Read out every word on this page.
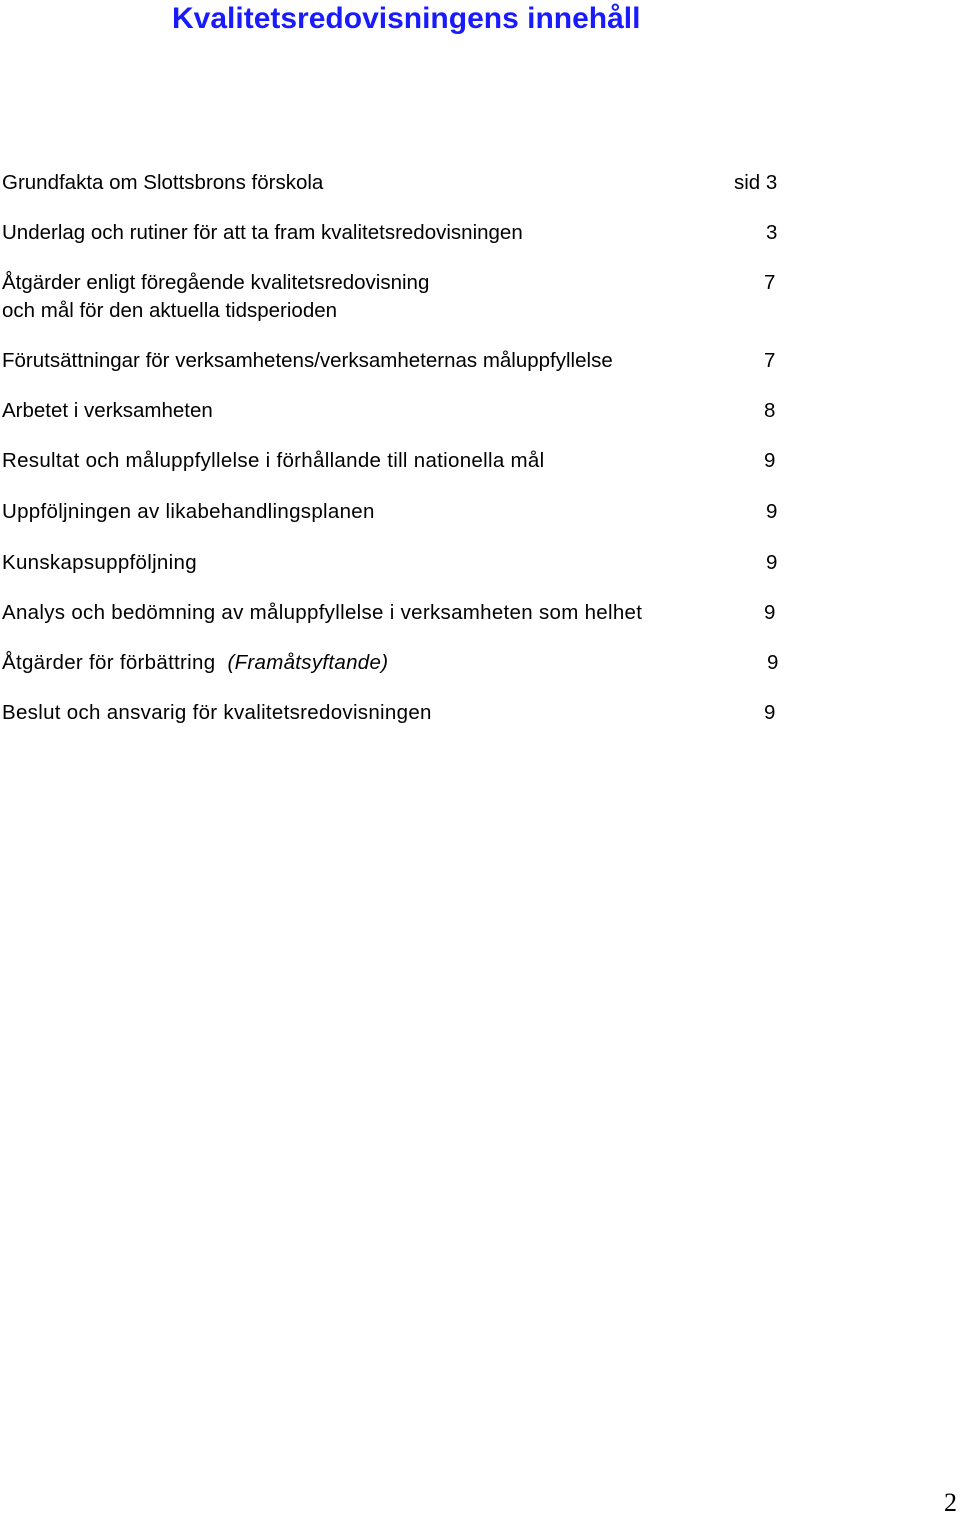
Kvalitetsredovisningens innehåll
Grundfakta om Slottsbrons förskola	sid 3
Underlag och rutiner för att ta fram kvalitetsredovisningen	3
Åtgärder enligt föregående kvalitetsredovisning
och mål för den aktuella tidsperioden
7
Förutsättningar för verksamhetens/verksamheternas måluppfyllelse	7
Arbetet i verksamheten	8
Resultat och måluppfyllelse i förhållande till nationella mål	9
Uppföljningen av likabehandlingsplanen	9
Kunskapsuppföljning	9
Analys och bedömning av måluppfyllelse i verksamheten som helhet	9
Åtgärder för förbättring (Framåtsyftande)	9
Beslut och ansvarig för kvalitetsredovisningen	9
2
